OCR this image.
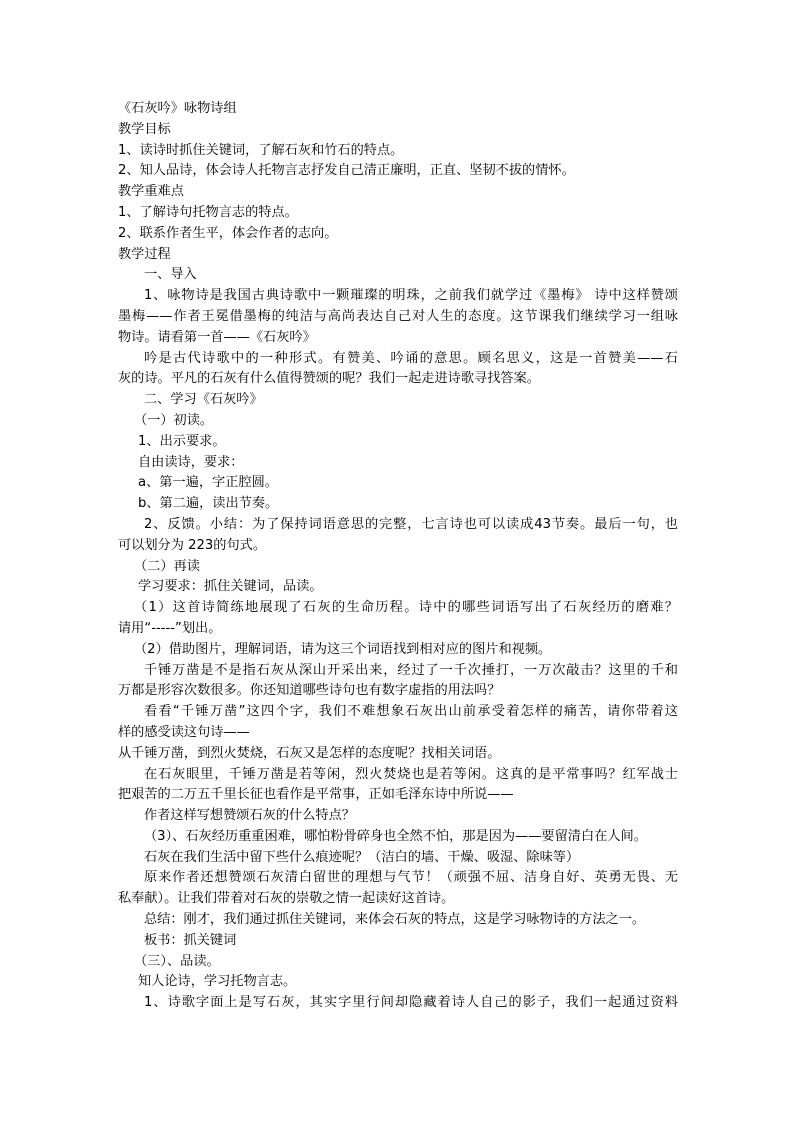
《石灰吟》咏物诗组
教学目标
1、读诗时抓住关键词，了解石灰和竹石的特点。
2、知人品诗，体会诗人托物言志抒发自己清正廉明，正直、坚韧不拔的情怀。
教学重难点
1、了解诗句托物言志的特点。
2、联系作者生平，体会作者的志向。
教学过程
一、导入
1、咏物诗是我国古典诗歌中一颗璀璨的明珠，之前我们就学过《墨梅》 诗中这样赞颂
墨梅——作者王冕借墨梅的纯洁与高尚表达自己对人生的态度。这节课我们继续学习一组咏
物诗。请看第一首——《石灰吟》
吟是古代诗歌中的一种形式。有赞美、吟诵的意思。顾名思义，这是一首赞美——石
灰的诗。平凡的石灰有什么值得赞颂的呢？我们一起走进诗歌寻找答案。
二、学习《石灰吟》
（一）初读。
1、出示要求。
自由读诗，要求：
a、第一遍，字正腔圆。
b、第二遍，读出节奏。
2、反馈。小结：为了保持词语意思的完整，七言诗也可以读成43节奏。最后一句，也
可以划分为 223的句式。
（二）再读
学习要求：抓住关键词，品读。
（1）这首诗简练地展现了石灰的生命历程。诗中的哪些词语写出了石灰经历的磨难？
请用“-----”划出。
（2）借助图片，理解词语，请为这三个词语找到相对应的图片和视频。
千锤万凿是不是指石灰从深山开采出来，经过了一千次捶打，一万次敲击？这里的千和
万都是形容次数很多。你还知道哪些诗句也有数字虚指的用法吗？
看看“千锤万凿”这四个字，我们不难想象石灰出山前承受着怎样的痛苦，请你带着这
样的感受读这句诗——
从千锤万凿，到烈火焚烧，石灰又是怎样的态度呢？找相关词语。
在石灰眼里，千锤万凿是若等闲，烈火焚烧也是若等闲。这真的是平常事吗？红军战士
把艰苦的二万五千里长征也看作是平常事，正如毛泽东诗中所说——
作者这样写想赞颂石灰的什么特点？
（3）、石灰经历重重困难，哪怕粉骨碎身也全然不怕，那是因为——要留清白在人间。
石灰在我们生活中留下些什么痕迹呢？（洁白的墙、干燥、吸湿、除味等）
原来作者还想赞颂石灰清白留世的理想与气节！（顽强不屈、洁身自好、英勇无畏、无
私奉献）。让我们带着对石灰的崇敬之情一起读好这首诗。
总结：刚才，我们通过抓住关键词，来体会石灰的特点，这是学习咏物诗的方法之一。
板书：抓关键词
（三）、品读。
知人论诗，学习托物言志。
1、诗歌字面上是写石灰，其实字里行间却隐藏着诗人自己的影子，我们一起通过资料
